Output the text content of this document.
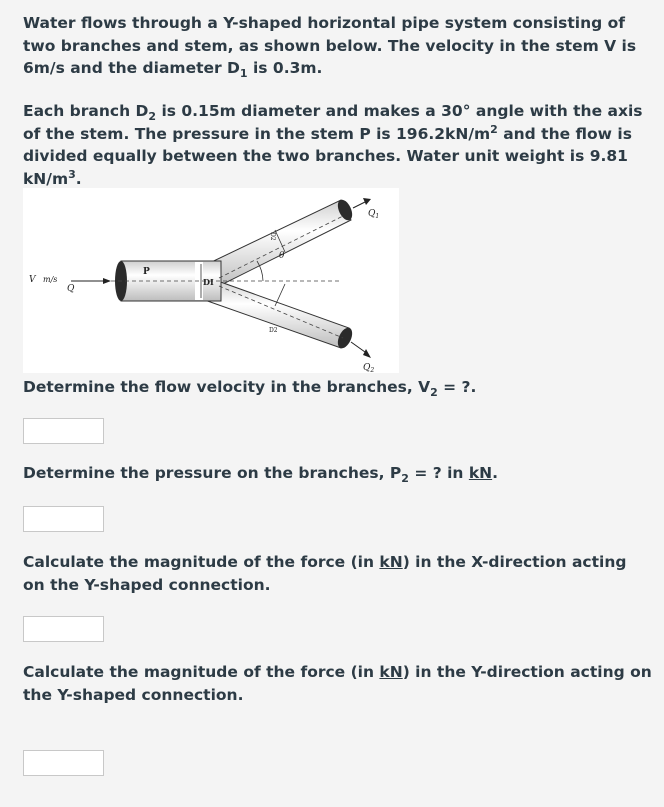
Water flows through a Y-shaped horizontal pipe system consisting of two branches and stem, as shown below. The velocity in the stem V is 6m/s and the diameter $D_1$ is 0.3m.
Each branch $D_2$ is 0.15m diameter and makes a 30° angle with the axis of the stem. The pressure in the stem P is $196.2kN/m^2$ and the flow is divided equally between the two branches. Water unit weight is 9.81 $kN/m^3$.
V m/s
Q
P
DI
θ
D2
D2
$Q_1$
$Q_2$
Determine the flow velocity in the branches, $V_2$ = ?.
Determine the pressure on the branches, $P_2$ = ? in kN.
Calculate the magnitude of the force (in kN) in the X-direction acting on the Y-shaped connection.
Calculate the magnitude of the force (in kN) in the Y-direction acting on the Y-shaped connection.
